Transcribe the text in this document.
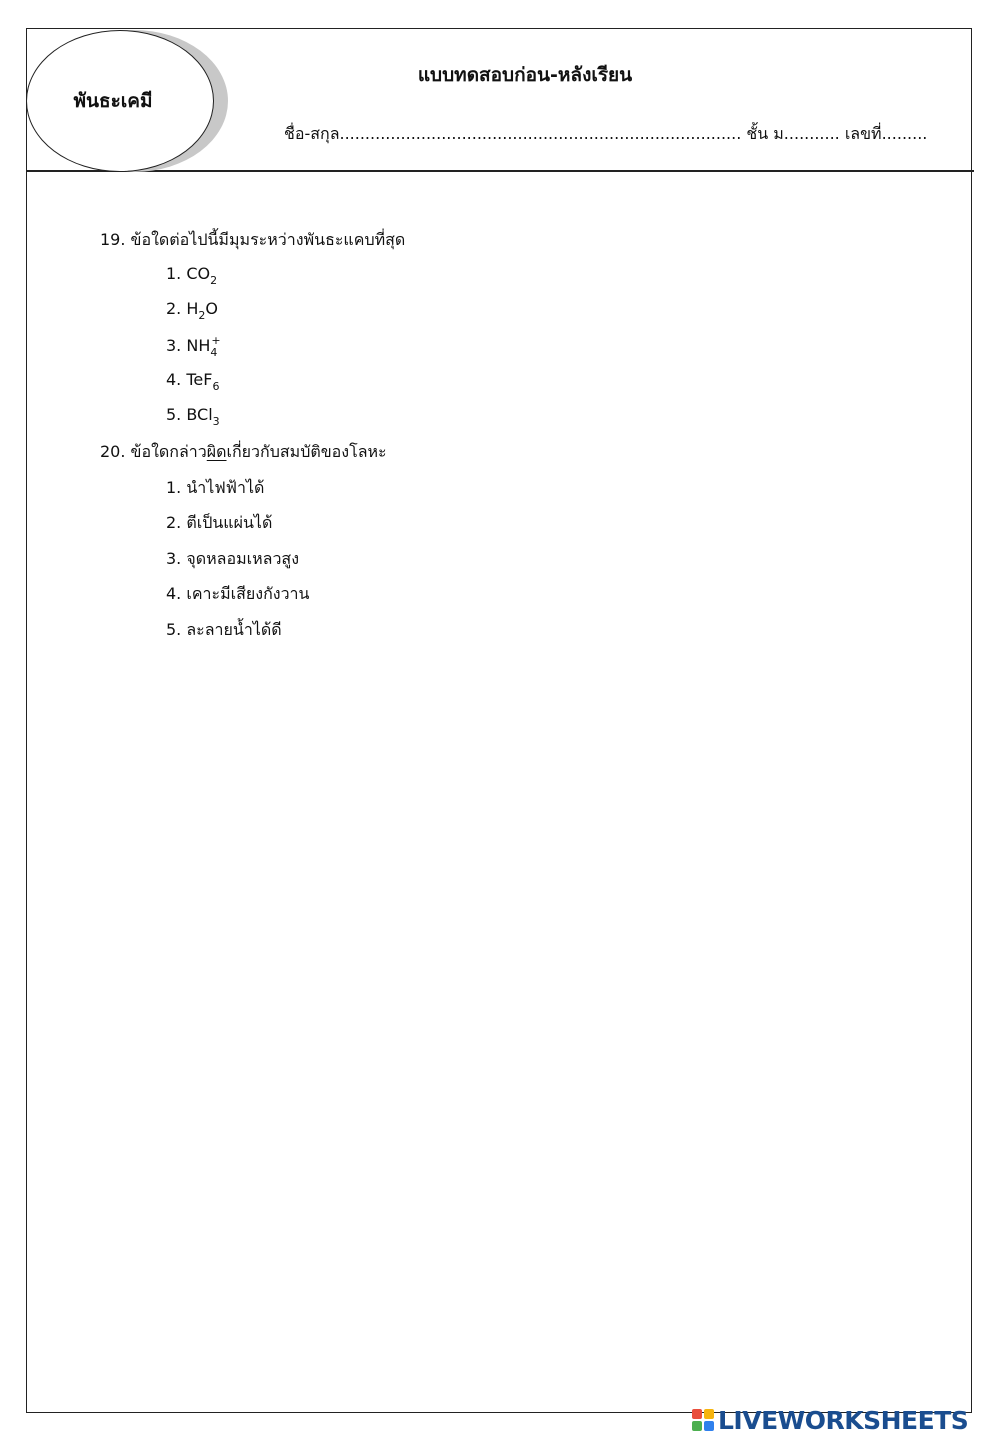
พันธะเคมี
แบบทดสอบก่อน-หลังเรียน
ชื่อ-สกุล............................................................................... ชั้น ม........... เลขที่.........
19. ข้อใดต่อไปนี้มีมุมระหว่างพันธะแคบที่สุด
1. $CO_2$
2. $H_2O$
3. $NH_4^+$
4. TeF$_6$
5. BCl$_3$
20. ข้อใดกล่าวผิดเกี่ยวกับสมบัติของโลหะ
1. นำไฟฟ้าได้
2. ตีเป็นแผ่นได้
3. จุดหลอมเหลวสูง
4. เคาะมีเสียงกังวาน
5. ละลายน้ำได้ดี
LIVEWORKSHEETS
